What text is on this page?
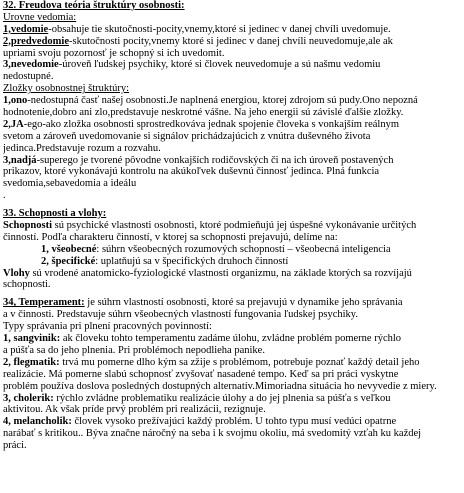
32. Freudova teória štruktúry osobnosti:
Úrovne vedomia:
1,vedomie-obsahuje tie skutočnosti-pocity,vnemy,ktoré si jedinec v danej chvíli uvedomuje.
2,predvedomie-skutočnosti pocity,vnemy ktoré si jedinec v danej chvíli neuvedomuje,ale ak
upriami svoju pozornosť je schopný si ich uvedomit.
3,nevedomie-úroveň ľudskej psychiky, ktoré si človek neuvedomuje a sú našmu vedomiu
nedostupné.
Zložky osobnostnej štruktúry:
1,ono-nedostupná časť našej osobnosti.Je naplnená energiou, ktorej zdrojom sú pudy.Ono nepozná
hodnotenie,dobro ani zlo,predstavuje neskrotné vášne. Na jeho energii sú závislé ďalšie zložky.
2,JA-ego-ako zložka osobnosti sprostredkováva jednak spojenie človeka s vonkajším reálnym
svetom a zároveň uvedomovanie si signálov prichádzajúcich z vnútra duševného života
jedinca.Predstavuje rozum a rozvahu.
3,nadjá-superego je tvorené pôvodne vonkajších rodičovských či na ich úroveň postavených
prikazov, ktoré vykonávajú kontrolu na akúkoľvek duševnú činnosť jedinca. Plná funkcia
svedomia,sebavedomia a ideálu
.
33. Schopnosti a vlohy:
Schopnosti sú psychické vlastnosti osobnosti, ktoré podmieňujú jej úspešné vykonávanie určitých
činností. Podľa charakteru činností, v ktorej sa schopnosti prejavujú, delíme na:
1, všeobecné: súhrn všeobecných rozumových schopností – všeobecná inteligencia
2, špecifické: uplatňujú sa v špecifických druhoch činností
Vlohy sú vrodené anatomicko-fyziologické vlastnosti organizmu, na základe ktorých sa rozvíjajú
schopnosti.
34, Temperament: je súhrn vlastností osobnosti, ktoré sa prejavujú v dynamike jeho správania
a v činnosti. Predstavuje súhrn všeobecných vlastností fungovania ľudskej psychiky.
Typy správania pri plnení pracovných povinností:
1, sangvinik: ak človeku tohto temperamentu zadáme úlohu, zvládne problém pomerne rýchlo
a púšťa sa do jeho plnenia. Pri problémoch nepodlieha panike.
2, flegmatik: trvá mu pomerne dlho kým sa zžije s problémom, potrebuje poznať každý detail jeho
realizácie. Má pomerne slabú schopnosť zvyšovať nasadené tempo. Keď sa pri práci vyskytne
problém používa doslova posledných dostupných alternatív.Mimoriadna situácia ho nevyvedie z miery.
3, cholerik: rýchlo zvládne problematiku realizácie úlohy a do jej plnenia sa púšťa s veľkou
aktivitou. Ak však príde prvý problém pri realizácii, rezignuje.
4, melancholik: človek vysoko prežívajúci každý problém. U tohto typu musí vedúci opatrne
narábať s kritikou.. Býva značne náročný na seba i k svojmu okoliu, má svedomitý vzťah ku každej
práci.
